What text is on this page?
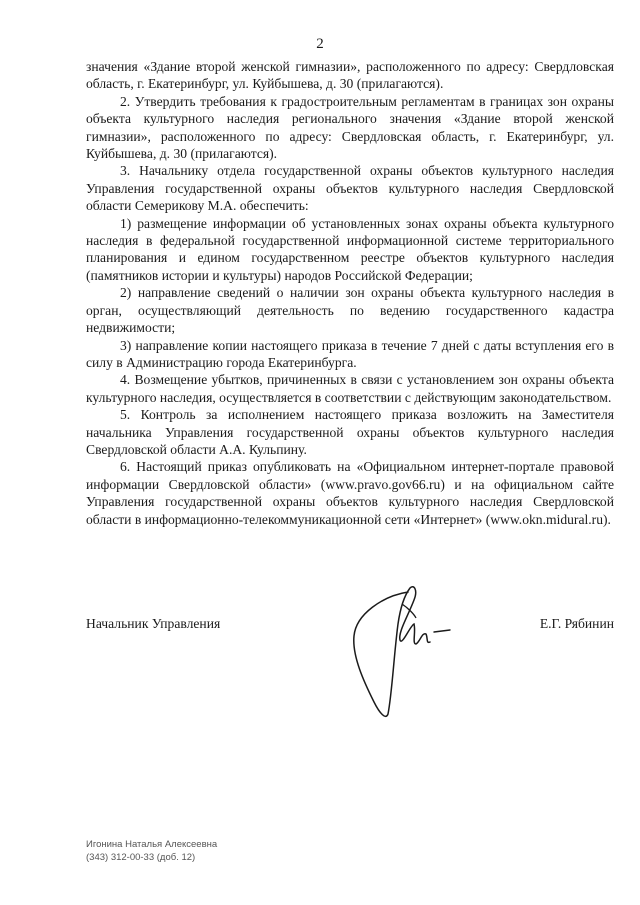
2

значения «Здание второй женской гимназии», расположенного по адресу: Свердловская область, г. Екатеринбург, ул. Куйбышева, д. 30 (прилагаются).

2. Утвердить требования к градостроительным регламентам в границах зон охраны объекта культурного наследия регионального значения «Здание второй женской гимназии», расположенного по адресу: Свердловская область, г. Екатеринбург, ул. Куйбышева, д. 30 (прилагаются).

3. Начальнику отдела государственной охраны объектов культурного наследия Управления государственной охраны объектов культурного наследия Свердловской области Семерикову М.А. обеспечить:

1) размещение информации об установленных зонах охраны объекта культурного наследия в федеральной государственной информационной системе территориального планирования и едином государственном реестре объектов культурного наследия (памятников истории и культуры) народов Российской Федерации;

2) направление сведений о наличии зон охраны объекта культурного наследия в орган, осуществляющий деятельность по ведению государственного кадастра недвижимости;

3) направление копии настоящего приказа в течение 7 дней с даты вступления его в силу в Администрацию города Екатеринбурга.

4. Возмещение убытков, причиненных в связи с установлением зон охраны объекта культурного наследия, осуществляется в соответствии с действующим законодательством.

5. Контроль за исполнением настоящего приказа возложить на Заместителя начальника Управления государственной охраны объектов культурного наследия Свердловской области А.А. Кульпину.

6. Настоящий приказ опубликовать на «Официальном интернет-портале правовой информации Свердловской области» (www.pravo.gov66.ru) и на официальном сайте Управления государственной охраны объектов культурного наследия Свердловской области в информационно-телекоммуникационной сети «Интернет» (www.okn.midural.ru).

Начальник Управления	Е.Г. Рябинин
Игонина Наталья Алексеевна
(343) 312-00-33 (доб. 12)
